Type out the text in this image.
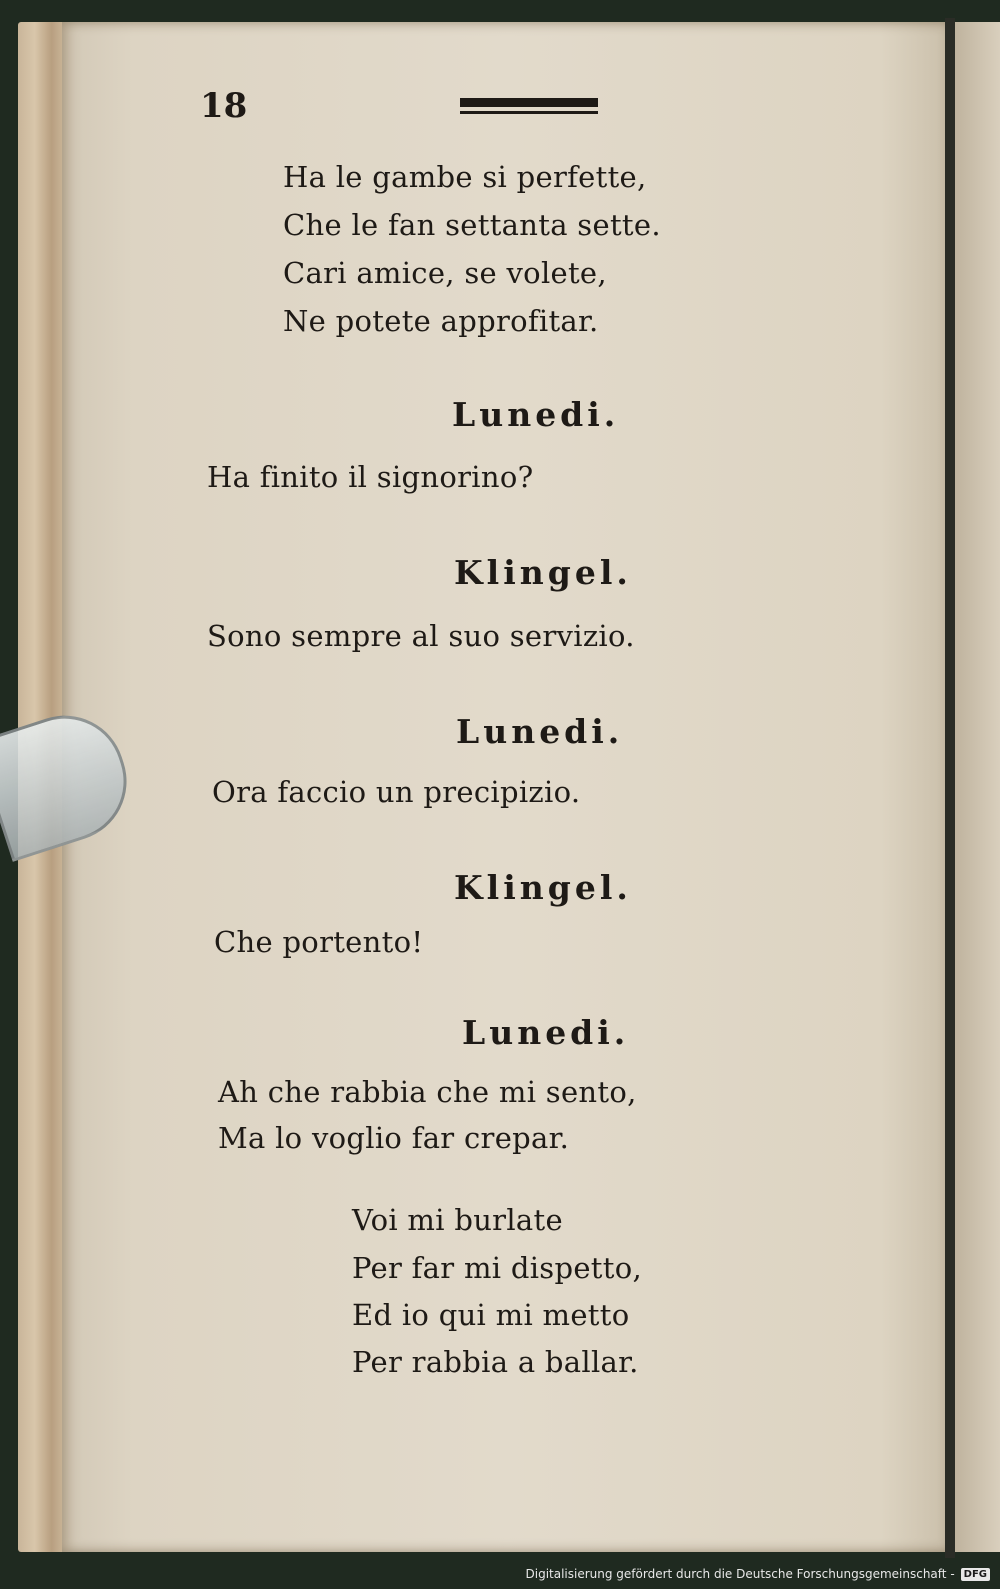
18
Ha le gambe si perfette,
Che le fan settanta sette.
Cari amice, se volete,
Ne potete approfitar.
Lunedi.
Ha finito il signorino?
Klingel.
Sono sempre al suo servizio.
Lunedi.
Ora faccio un precipizio.
Klingel.
Che portento!
Lunedi.
Ah che rabbia che mi sento,
Ma lo voglio far crepar.
Voi mi burlate
Per far mi dispetto,
Ed io qui mi metto
Per rabbia a ballar.
Digitalisierung gefördert durch die Deutsche Forschungsgemeinschaft - DFG
